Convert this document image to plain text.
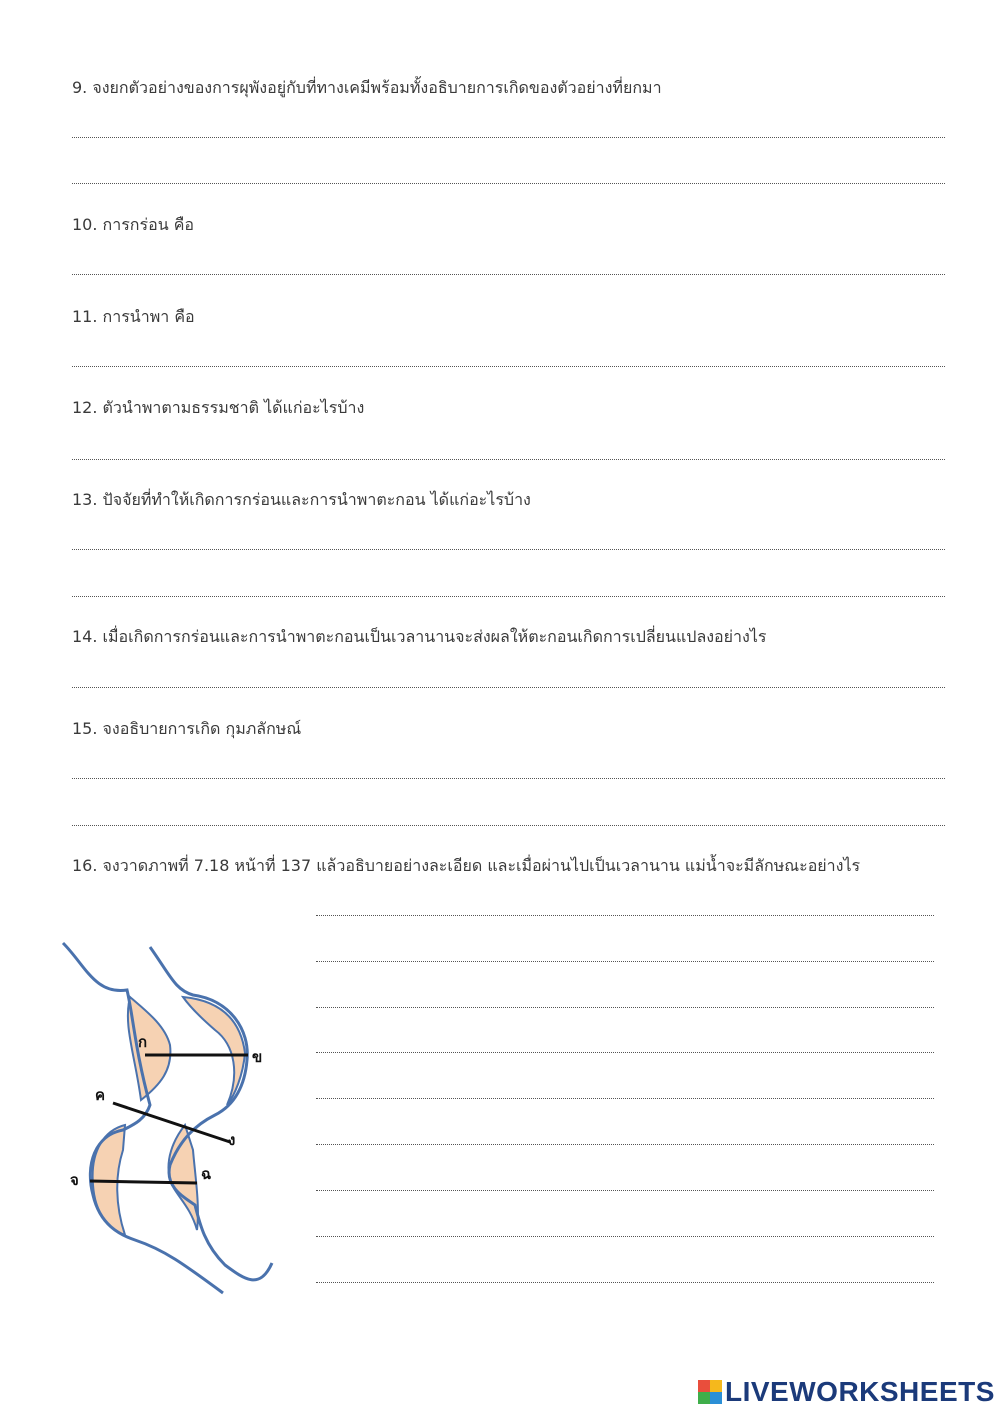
9. จงยกตัวอย่างของการผุพังอยู่กับที่ทางเคมีพร้อมทั้งอธิบายการเกิดของตัวอย่างที่ยกมา
10. การกร่อน คือ
11. การนำพา คือ
12. ตัวนำพาตามธรรมชาติ ได้แก่อะไรบ้าง
13. ปัจจัยที่ทำให้เกิดการกร่อนและการนำพาตะกอน ได้แก่อะไรบ้าง
14. เมื่อเกิดการกร่อนและการนำพาตะกอนเป็นเวลานานจะส่งผลให้ตะกอนเกิดการเปลี่ยนแปลงอย่างไร
15. จงอธิบายการเกิด กุมภลักษณ์
16. จงวาดภาพที่ 7.18 หน้าที่ 137 แล้วอธิบายอย่างละเอียด และเมื่อผ่านไปเป็นเวลานาน แม่น้ำจะมีลักษณะอย่างไร
ก
ข
ค
ง
จ	ฉ
LIVEWORKSHEETS
